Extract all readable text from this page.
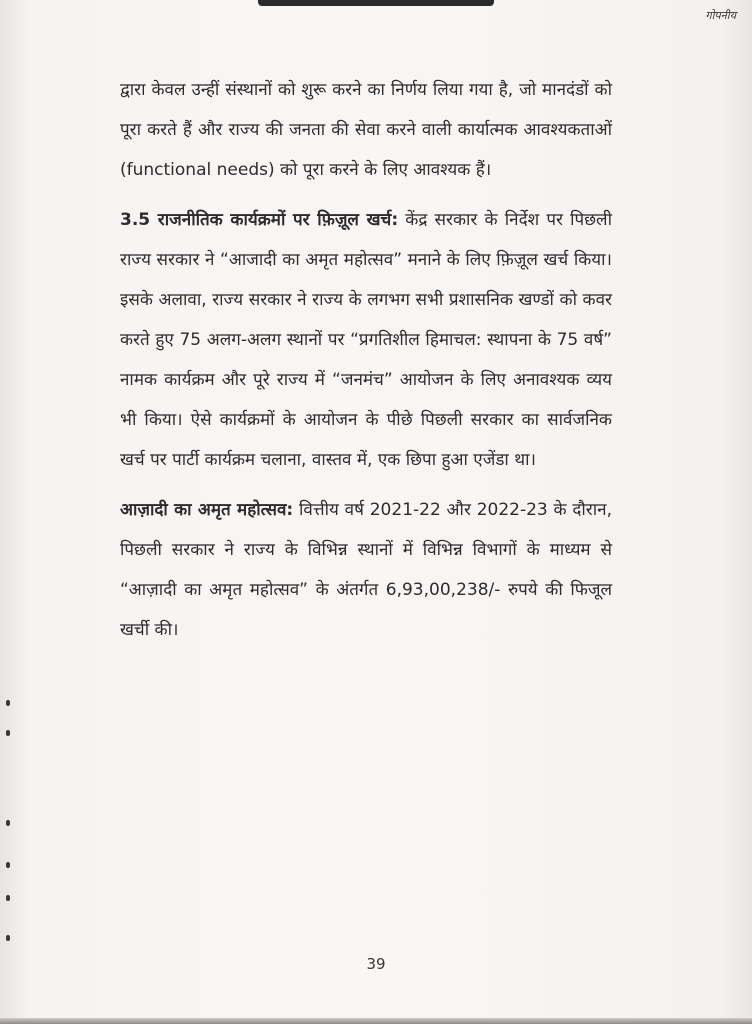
गोपनीय

द्वारा केवल उन्हीं संस्थानों को शुरू करने का निर्णय लिया गया है, जो मानदंडों को पूरा करते हैं और राज्य की जनता की सेवा करने वाली कार्यात्मक आवश्यकताओं (functional needs) को पूरा करने के लिए आवश्यक हैं।

3.5 राजनीतिक कार्यक्रमों पर फ़िज़ूल खर्च: केंद्र सरकार के निर्देश पर पिछली राज्य सरकार ने “आजादी का अमृत महोत्सव” मनाने के लिए फ़िज़ूल खर्च किया। इसके अलावा, राज्य सरकार ने राज्य के लगभग सभी प्रशासनिक खण्डों को कवर करते हुए 75 अलग-अलग स्थानों पर “प्रगतिशील हिमाचल: स्थापना के 75 वर्ष” नामक कार्यक्रम और पूरे राज्य में “जनमंच” आयोजन के लिए अनावश्यक व्यय भी किया। ऐसे कार्यक्रमों के आयोजन के पीछे पिछली सरकार का सार्वजनिक खर्च पर पार्टी कार्यक्रम चलाना, वास्तव में, एक छिपा हुआ एजेंडा था।

आज़ादी का अमृत महोत्सव: वित्तीय वर्ष 2021-22 और 2022-23 के दौरान, पिछली सरकार ने राज्य के विभिन्न स्थानों में विभिन्न विभागों के माध्यम से “आज़ादी का अमृत महोत्सव” के अंतर्गत 6,93,00,238/- रुपये की फिजूल खर्ची की।

39
